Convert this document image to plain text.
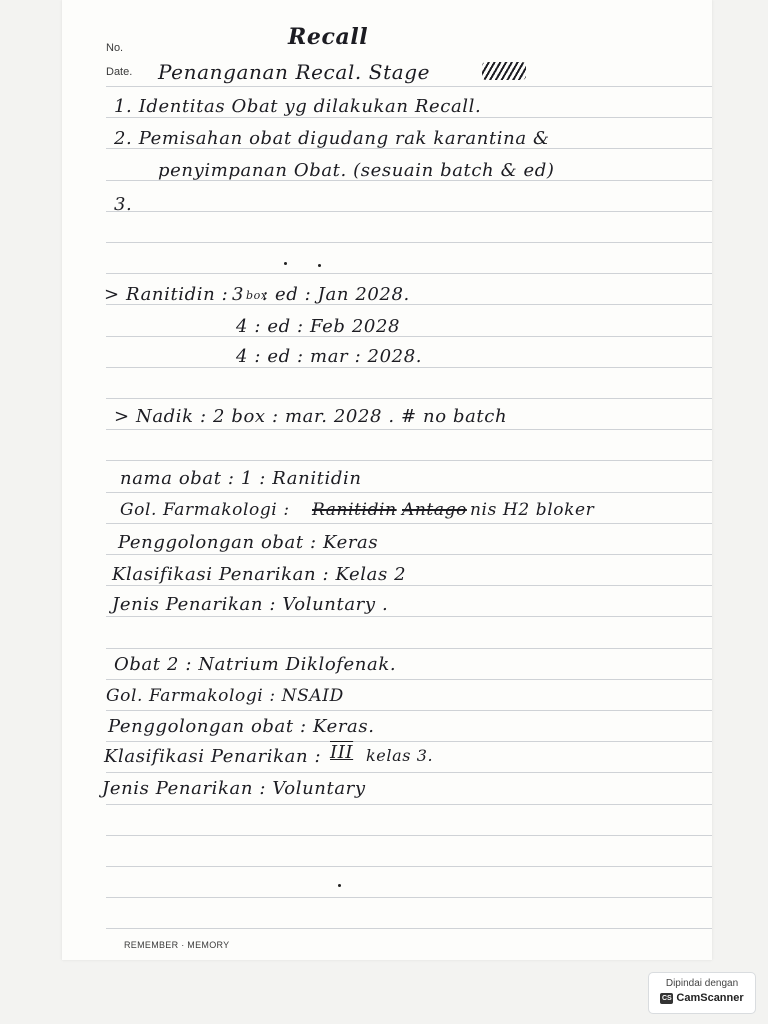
No.
Date.
Recall
Penanganan Recal. Stage
1. Identitas Obat yg dilakukan Recall.
2. Pemisahan obat digudang rak karantina &
penyimpanan Obat. (sesuain batch & ed)
3.
> Ranitidin : 3 $_{box}$
: ed : Jan 2028.
4 : ed : Feb 2028
4 : ed : mar : 2028.
> Nadik : 2 box : mar. 2028 . # no batch
nama obat : 1 : Ranitidin
Gol. Farmakologi : Ranitidin Antago nis H2 bloker
Penggolongan obat : Keras
Klasifikasi Penarikan : Kelas 2
Jenis Penarikan : Voluntary .
Obat 2 : Natrium Diklofenak.
Gol. Farmakologi : NSAID
Penggolongan obat : Keras.
Klasifikasi Penarikan : III kelas 3.
Jenis Penarikan : Voluntary
REMEMBER · MEMORY
Dipindai dengan
CS CamScanner
